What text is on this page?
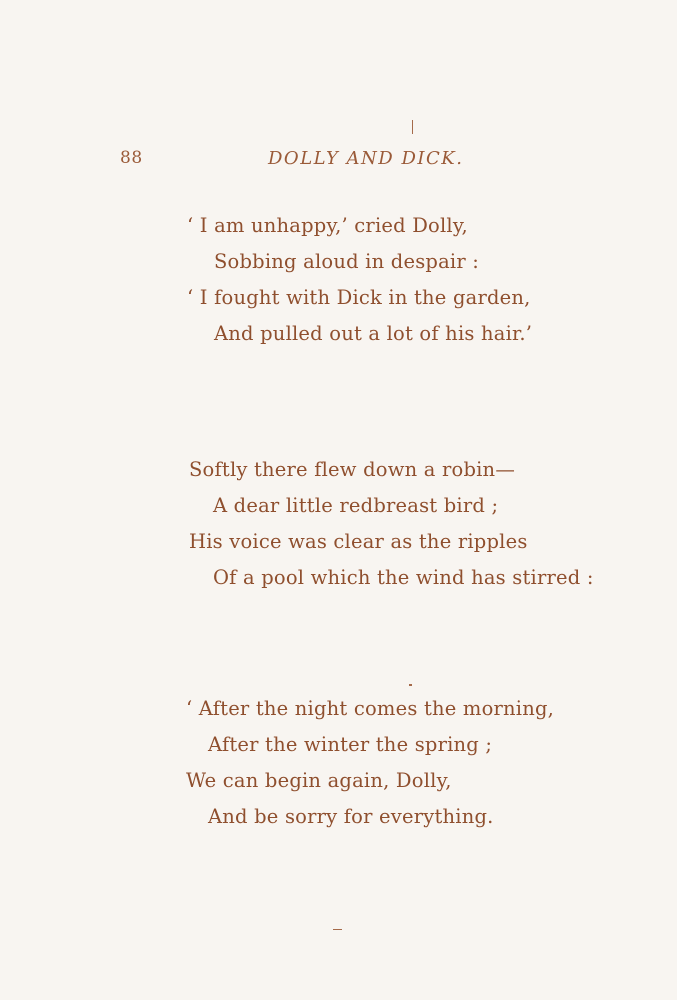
88	DOLLY AND DICK.
‘ I am unhappy,’ cried Dolly,
Sobbing aloud in despair :
‘ I fought with Dick in the garden,
And pulled out a lot of his hair.’
Softly there flew down a robin—
A dear little redbreast bird ;
His voice was clear as the ripples
Of a pool which the wind has stirred :
‘ After the night comes the morning,
After the winter the spring ;
We can begin again, Dolly,
And be sorry for everything.
